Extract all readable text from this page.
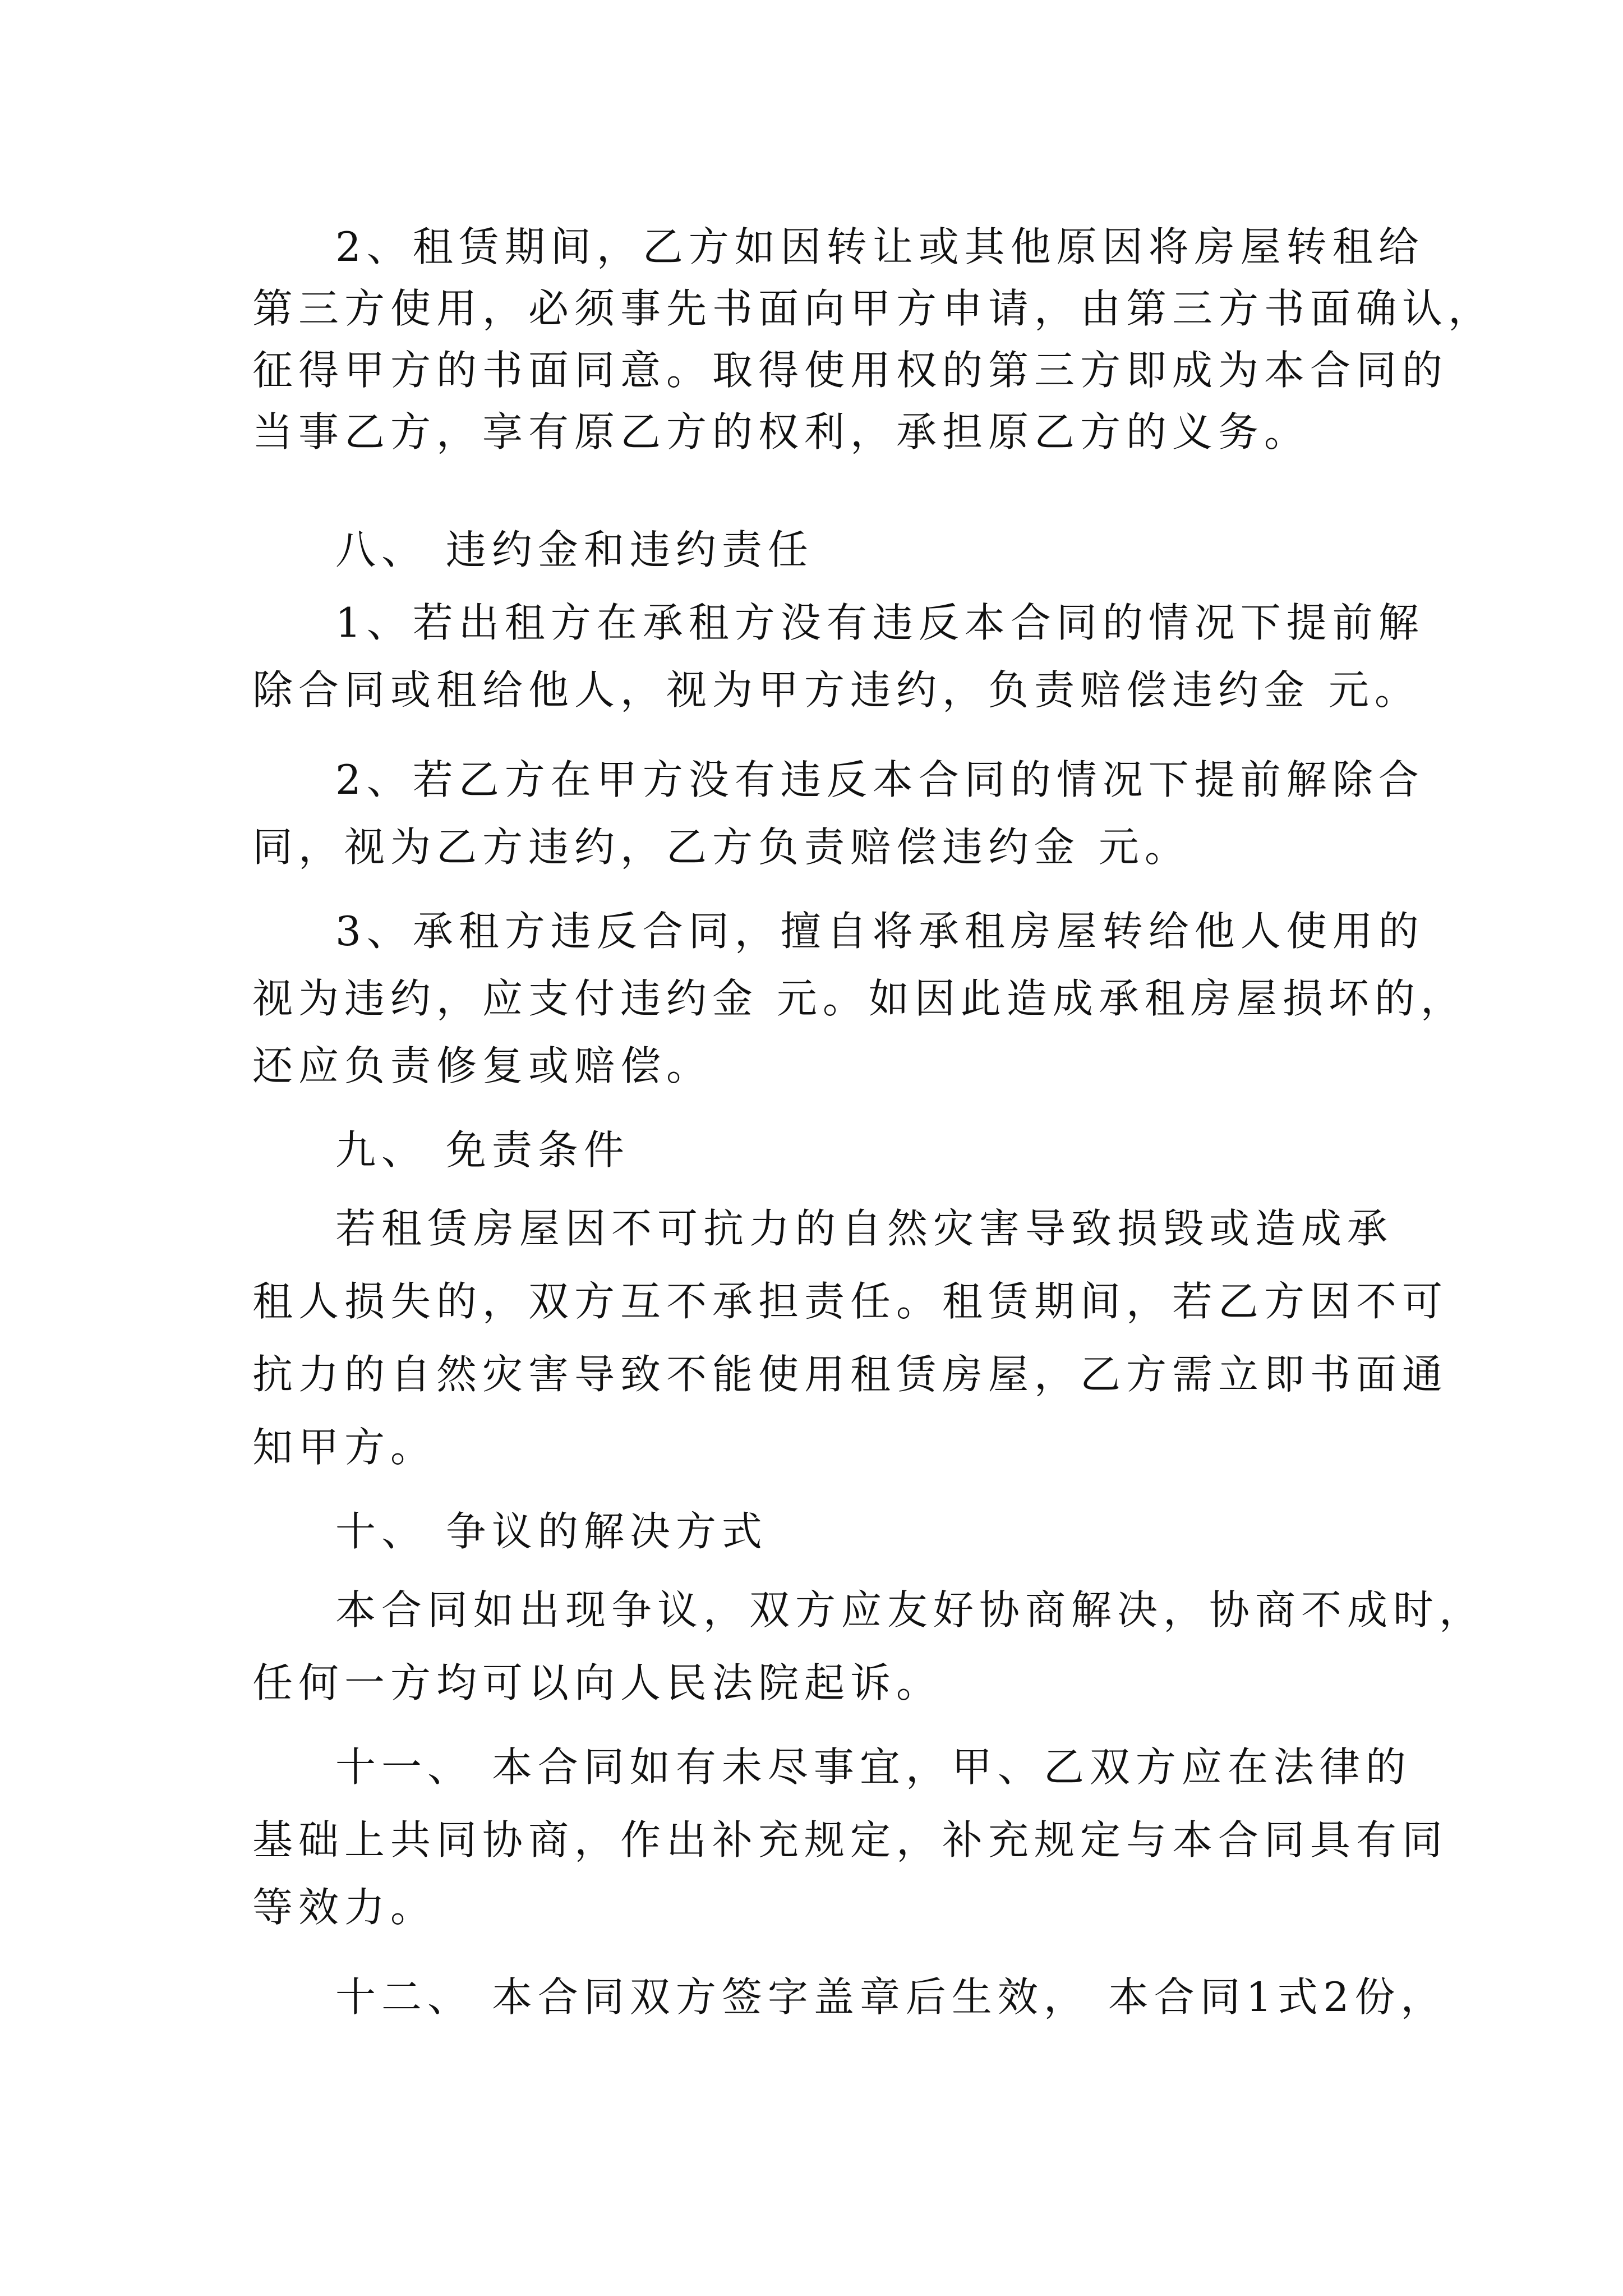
2、租赁期间，乙方如因转让或其他原因将房屋转租给
第三方使用，必须事先书面向甲方申请，由第三方书面确认，
征得甲方的书面同意。取得使用权的第三方即成为本合同的
当事乙方，享有原乙方的权利，承担原乙方的义务。
八、 违约金和违约责任
1、若出租方在承租方没有违反本合同的情况下提前解
除合同或租给他人，视为甲方违约，负责赔偿违约金 元。
2、若乙方在甲方没有违反本合同的情况下提前解除合
同，视为乙方违约，乙方负责赔偿违约金 元。
3、承租方违反合同，擅自将承租房屋转给他人使用的
视为违约，应支付违约金 元。如因此造成承租房屋损坏的，
还应负责修复或赔偿。
九、 免责条件
若租赁房屋因不可抗力的自然灾害导致损毁或造成承
租人损失的，双方互不承担责任。租赁期间，若乙方因不可
抗力的自然灾害导致不能使用租赁房屋，乙方需立即书面通
知甲方。
十、 争议的解决方式
本合同如出现争议，双方应友好协商解决，协商不成时，
任何一方均可以向人民法院起诉。
十一、 本合同如有未尽事宜，甲、乙双方应在法律的
基础上共同协商，作出补充规定，补充规定与本合同具有同
等效力。
十二、 本合同双方签字盖章后生效， 本合同1式2份，
